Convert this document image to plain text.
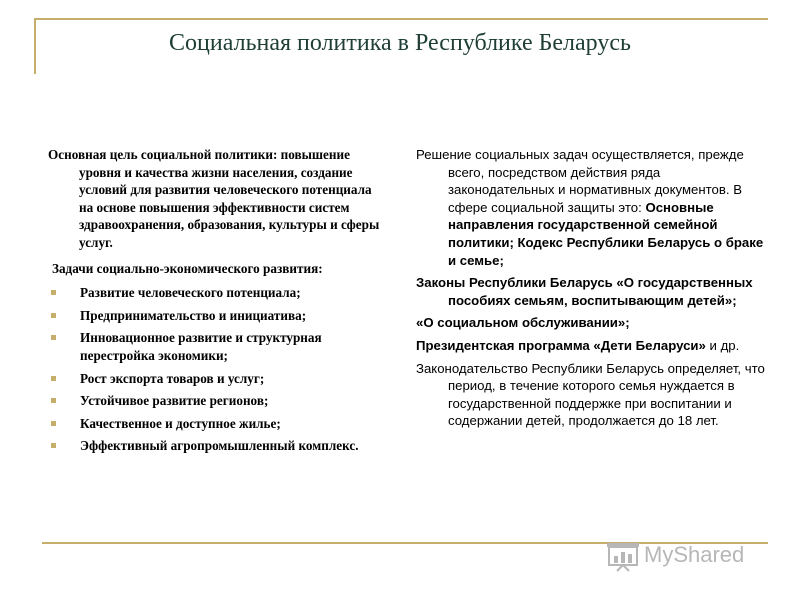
Социальная политика в Республике Беларусь
Основная цель социальной политики: повышение уровня и качества жизни населения, создание условий для развития человеческого потенциала на основе повышения эффективности систем здравоохранения, образования, культуры и сферы услуг.
Задачи социально-экономического развития:
Развитие человеческого потенциала;
Предпринимательство и инициатива;
Инновационное развитие и структурная перестройка экономики;
Рост экспорта товаров и услуг;
Устойчивое развитие регионов;
Качественное и доступное жилье;
Эффективный агропромышленный комплекс.

Решение социальных задач осуществляется, прежде всего, посредством действия ряда законодательных и нормативных документов. В сфере социальной защиты это: Основные направления государственной семейной политики; Кодекс Республики Беларусь о браке и семье;

Законы Республики Беларусь «О государственных пособиях семьям, воспитывающим детей»;

«О социальном обслуживании»;

Президентская программа «Дети Беларуси» и др.

Законодательство Республики Беларусь определяет, что период, в течение которого семья нуждается в государственной поддержке при воспитании и содержании детей, продолжается до 18 лет.

MyShared
